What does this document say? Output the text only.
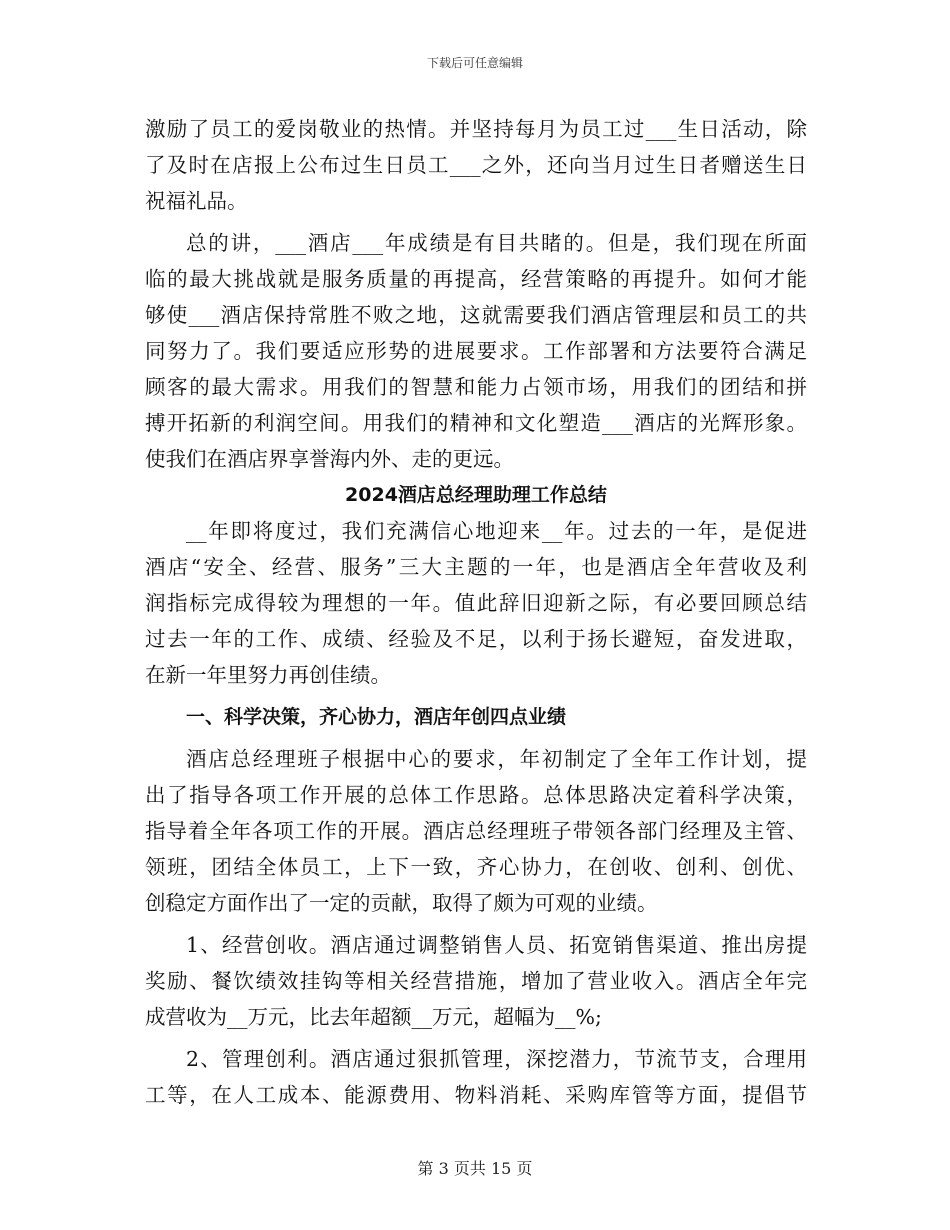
下载后可任意编辑
激励了员工的爱岗敬业的热情。并坚持每月为员工过___生日活动，除
了及时在店报上公布过生日员工___之外，还向当月过生日者赠送生日
祝福礼品。
总的讲，___酒店___年成绩是有目共睹的。但是，我们现在所面
临的最大挑战就是服务质量的再提高，经营策略的再提升。如何才能
够使___酒店保持常胜不败之地，这就需要我们酒店管理层和员工的共
同努力了。我们要适应形势的进展要求。工作部署和方法要符合满足
顾客的最大需求。用我们的智慧和能力占领市场，用我们的团结和拼
搏开拓新的利润空间。用我们的精神和文化塑造___酒店的光辉形象。
使我们在酒店界享誉海内外、走的更远。
2024酒店总经理助理工作总结
__年即将度过，我们充满信心地迎来__年。过去的一年，是促进
酒店“安全、经营、服务”三大主题的一年，也是酒店全年营收及利
润指标完成得较为理想的一年。值此辞旧迎新之际，有必要回顾总结
过去一年的工作、成绩、经验及不足，以利于扬长避短，奋发进取，
在新一年里努力再创佳绩。
一、科学决策，齐心协力，酒店年创四点业绩
酒店总经理班子根据中心的要求，年初制定了全年工作计划，提
出了指导各项工作开展的总体工作思路。总体思路决定着科学决策，
指导着全年各项工作的开展。酒店总经理班子带领各部门经理及主管、
领班，团结全体员工，上下一致，齐心协力，在创收、创利、创优、
创稳定方面作出了一定的贡献，取得了颇为可观的业绩。
1、经营创收。酒店通过调整销售人员、拓宽销售渠道、推出房提
奖励、餐饮绩效挂钩等相关经营措施，增加了营业收入。酒店全年完
成营收为__万元，比去年超额__万元，超幅为__%;
2、管理创利。酒店通过狠抓管理，深挖潜力，节流节支，合理用
工等，在人工成本、能源费用、物料消耗、采购库管等方面，提倡节
第 3 页共 15 页
